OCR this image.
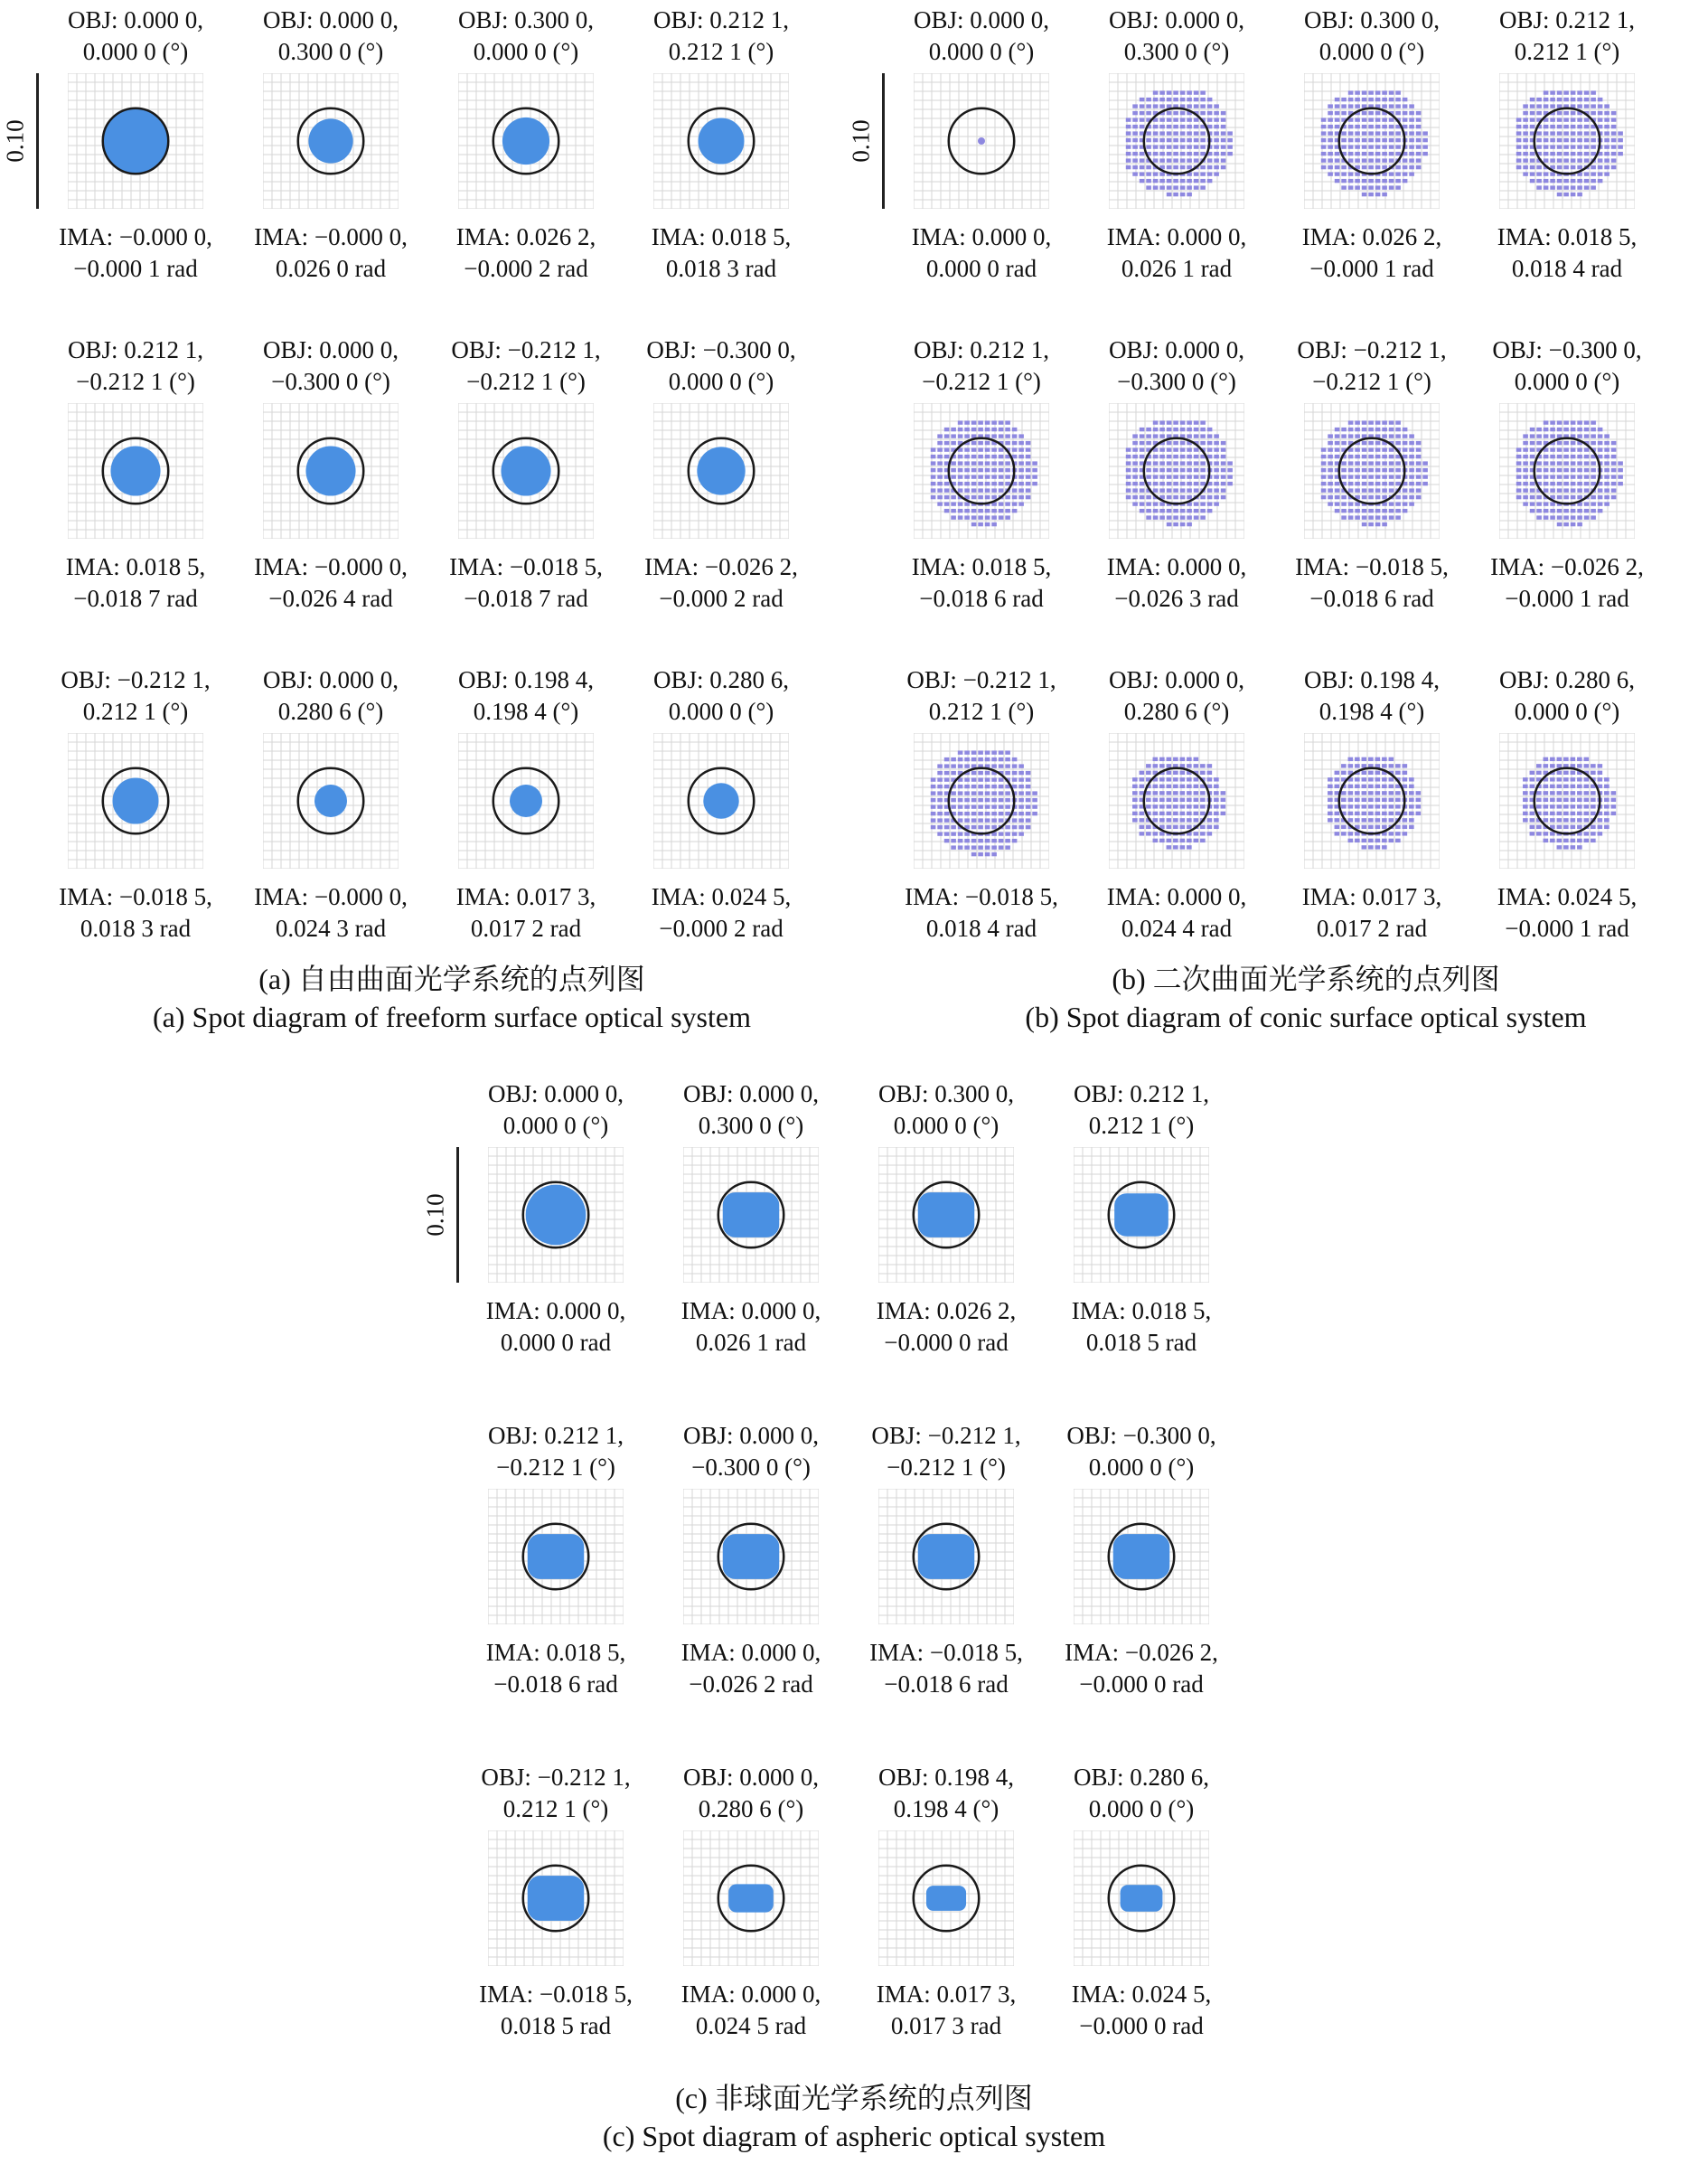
OBJ: 0.000 0,
0.000 0 (°)
0.10
IMA: −0.000 0,
−0.000 1 rad
OBJ: 0.000 0,
0.300 0 (°)
IMA: −0.000 0,
0.026 0 rad
OBJ: 0.300 0,
0.000 0 (°)
IMA: 0.026 2,
−0.000 2 rad
OBJ: 0.212 1,
0.212 1 (°)
IMA: 0.018 5,
0.018 3 rad
OBJ: 0.212 1,
−0.212 1 (°)
IMA: 0.018 5,
−0.018 7 rad
OBJ: 0.000 0,
−0.300 0 (°)
IMA: −0.000 0,
−0.026 4 rad
OBJ: −0.212 1,
−0.212 1 (°)
IMA: −0.018 5,
−0.018 7 rad
OBJ: −0.300 0,
0.000 0 (°)
IMA: −0.026 2,
−0.000 2 rad
OBJ: −0.212 1,
0.212 1 (°)
IMA: −0.018 5,
0.018 3 rad
OBJ: 0.000 0,
0.280 6 (°)
IMA: −0.000 0,
0.024 3 rad
OBJ: 0.198 4,
0.198 4 (°)
IMA: 0.017 3,
0.017 2 rad
OBJ: 0.280 6,
0.000 0 (°)
IMA: 0.024 5,
−0.000 2 rad
(a) 自由曲面光学系统的点列图
(a) Spot diagram of freeform surface optical system
OBJ: 0.000 0,
0.000 0 (°)
0.10
IMA: 0.000 0,
0.000 0 rad
OBJ: 0.000 0,
0.300 0 (°)
IMA: 0.000 0,
0.026 1 rad
OBJ: 0.300 0,
0.000 0 (°)
IMA: 0.026 2,
−0.000 1 rad
OBJ: 0.212 1,
0.212 1 (°)
IMA: 0.018 5,
0.018 4 rad
OBJ: 0.212 1,
−0.212 1 (°)
IMA: 0.018 5,
−0.018 6 rad
OBJ: 0.000 0,
−0.300 0 (°)
IMA: 0.000 0,
−0.026 3 rad
OBJ: −0.212 1,
−0.212 1 (°)
IMA: −0.018 5,
−0.018 6 rad
OBJ: −0.300 0,
0.000 0 (°)
IMA: −0.026 2,
−0.000 1 rad
OBJ: −0.212 1,
0.212 1 (°)
IMA: −0.018 5,
0.018 4 rad
OBJ: 0.000 0,
0.280 6 (°)
IMA: 0.000 0,
0.024 4 rad
OBJ: 0.198 4,
0.198 4 (°)
IMA: 0.017 3,
0.017 2 rad
OBJ: 0.280 6,
0.000 0 (°)
IMA: 0.024 5,
−0.000 1 rad
(b) 二次曲面光学系统的点列图
(b) Spot diagram of conic surface optical system
OBJ: 0.000 0,
0.000 0 (°)
0.10
IMA: 0.000 0,
0.000 0 rad
OBJ: 0.000 0,
0.300 0 (°)
IMA: 0.000 0,
0.026 1 rad
OBJ: 0.300 0,
0.000 0 (°)
IMA: 0.026 2,
−0.000 0 rad
OBJ: 0.212 1,
0.212 1 (°)
IMA: 0.018 5,
0.018 5 rad
OBJ: 0.212 1,
−0.212 1 (°)
IMA: 0.018 5,
−0.018 6 rad
OBJ: 0.000 0,
−0.300 0 (°)
IMA: 0.000 0,
−0.026 2 rad
OBJ: −0.212 1,
−0.212 1 (°)
IMA: −0.018 5,
−0.018 6 rad
OBJ: −0.300 0,
0.000 0 (°)
IMA: −0.026 2,
−0.000 0 rad
OBJ: −0.212 1,
0.212 1 (°)
IMA: −0.018 5,
0.018 5 rad
OBJ: 0.000 0,
0.280 6 (°)
IMA: 0.000 0,
0.024 5 rad
OBJ: 0.198 4,
0.198 4 (°)
IMA: 0.017 3,
0.017 3 rad
OBJ: 0.280 6,
0.000 0 (°)
IMA: 0.024 5,
−0.000 0 rad
(c) 非球面光学系统的点列图
(c) Spot diagram of aspheric optical system
